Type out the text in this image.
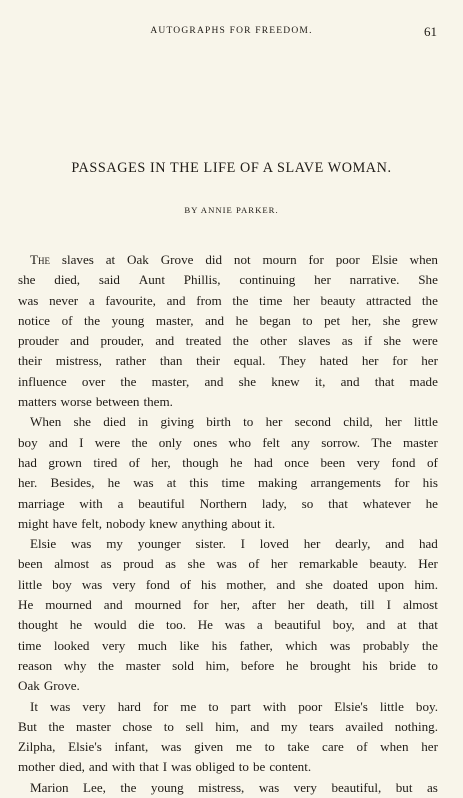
AUTOGRAPHS FOR FREEDOM.	61
PASSAGES IN THE LIFE OF A SLAVE WOMAN.
BY ANNIE PARKER.
The slaves at Oak Grove did not mourn for poor Elsie when
she died, said Aunt Phillis, continuing her narrative. She
was never a favourite, and from the time her beauty attracted the
notice of the young master, and he began to pet her, she grew
prouder and prouder, and treated the other slaves as if she were
their mistress, rather than their equal. They hated her for her
influence over the master, and she knew it, and that made
matters worse between them.
When she died in giving birth to her second child, her little
boy and I were the only ones who felt any sorrow. The master
had grown tired of her, though he had once been very fond of
her. Besides, he was at this time making arrangements for his
marriage with a beautiful Northern lady, so that whatever he
might have felt, nobody knew anything about it.
Elsie was my younger sister. I loved her dearly, and had
been almost as proud as she was of her remarkable beauty. Her
little boy was very fond of his mother, and she doated upon him.
He mourned and mourned for her, after her death, till I almost
thought he would die too. He was a beautiful boy, and at that
time looked very much like his father, which was probably the
reason why the master sold him, before he brought his bride to
Oak Grove.
It was very hard for me to part with poor Elsie's little boy.
But the master chose to sell him, and my tears availed nothing.
Zilpha, Elsie's infant, was given me to take care of when her
mother died, and with that I was obliged to be content.
Marion Lee, the young mistress, was very beautiful, but as
